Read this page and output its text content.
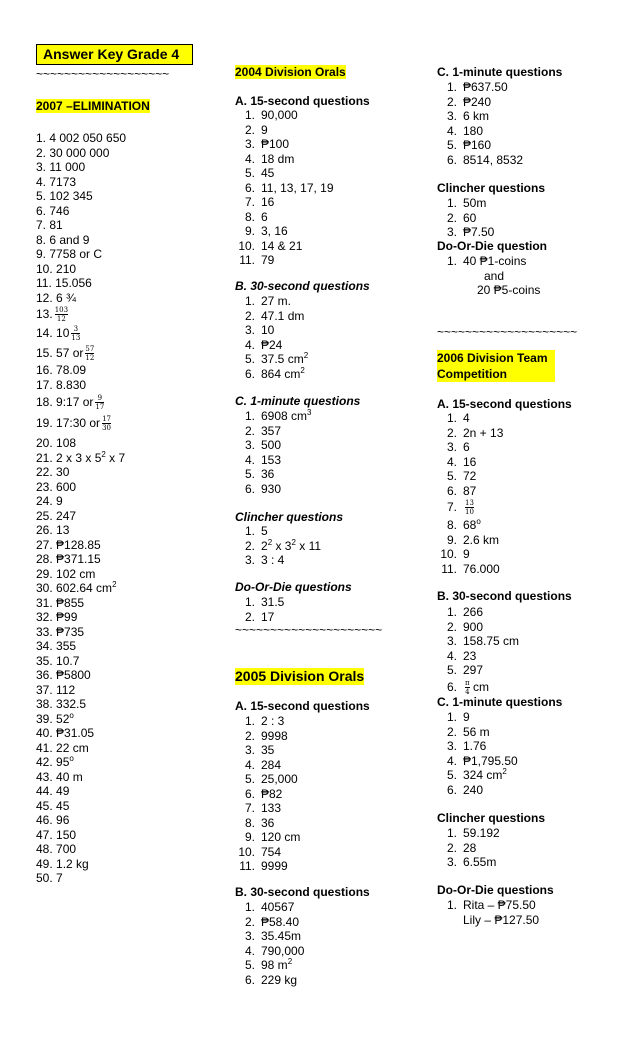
Answer Key Grade 4
~~~~~~~~~~~~~~~~~~~
2007 –ELIMINATION
1. 4 002 050 650
2. 30 000 000
3. 11 000
4. 7173
5. 102 345
6. 746
7. 81
8. 6 and 9
9. 7758 or C
10. 210
11. 15.056
12. 6 ¾
13. $\frac{103}{12}$
14. $10 \frac{3}{13}$
15. 57 or $\frac{57}{12}$
16. 78.09
17. 8.830
18. 9:17 or $\frac{9}{17}$
19. 17:30 or $\frac{17}{30}$
20. 108
21. 2 x 3 x $5^2$ x 7
22. 30
23. 600
24. 9
25. 247
26. 13
27. ₱128.85
28. ₱371.15
29. 102 cm
30. 602.64 $cm^2$
31. ₱855
32. ₱99
33. ₱735
34. 355
35. 10.7
36. ₱5800
37. 112
38. 332.5
39. 52$^o$
40. ₱31.05
41. 22 cm
42. 95$^o$
43. 40 m
44. 49
45. 45
46. 96
47. 150
48. 700
49. 1.2 kg
50. 7
2004 Division Orals
A. 15-second questions
1. 90,000
2. 9
3. ₱100
4. 18 dm
5. 45
6. 11, 13, 17, 19
7. 16
8. 6
9. 3, 16
10. 14 & 21
11. 79
B. 30-second questions
1. 27 m.
2. 47.1 dm
3. 10
4. ₱24
5. 37.5 $cm^2$
6. 864 $cm^2$
C. 1-minute questions
1. 6908 $cm^3$
2. 357
3. 500
4. 153
5. 36
6. 930
Clincher questions
1. 5
2. $2^2$ x $3^2$ x 11
3. 3 : 4
Do-Or-Die questions
1. 31.5
2. 17
~~~~~~~~~~~~~~~~~~~~~
2005 Division Orals
A. 15-second questions
1. 2 : 3
2. 9998
3. 35
4. 284
5. 25,000
6. ₱82
7. 133
8. 36
9. 120 cm
10. 754
11. 9999
B. 30-second questions
1. 40567
2. ₱58.40
3. 35.45m
4. 790,000
5. 98 $m^2$
6. 229 kg
C. 1-minute questions
1. ₱637.50
2. ₱240
3. 6 km
4. 180
5. ₱160
6. 8514, 8532
Clincher questions
1. 50m
2. 60
3. ₱7.50
Do-Or-Die question
1. 40 ₱1-coins
and
20 ₱5-coins
~~~~~~~~~~~~~~~~~~~~
2006 Division Team Competition
A. 15-second questions
1. 4
2. 2n + 13
3. 6
4. 16
5. 72
6. 87
7. $\frac{13}{10}$
8. 68$^o$
9. 2.6 km
10. 9
11. 76.000
B. 30-second questions
1. 266
2. 900
3. 158.75 cm
4. 23
5. 297
6. $\frac{\pi}{4}$ cm
C. 1-minute questions
1. 9
2. 56 m
3. 1.76
4. ₱1,795.50
5. 324 $cm^2$
6. 240
Clincher questions
1. 59.192
2. 28
3. 6.55m
Do-Or-Die questions
1. Rita – ₱75.50
Lily – ₱127.50
